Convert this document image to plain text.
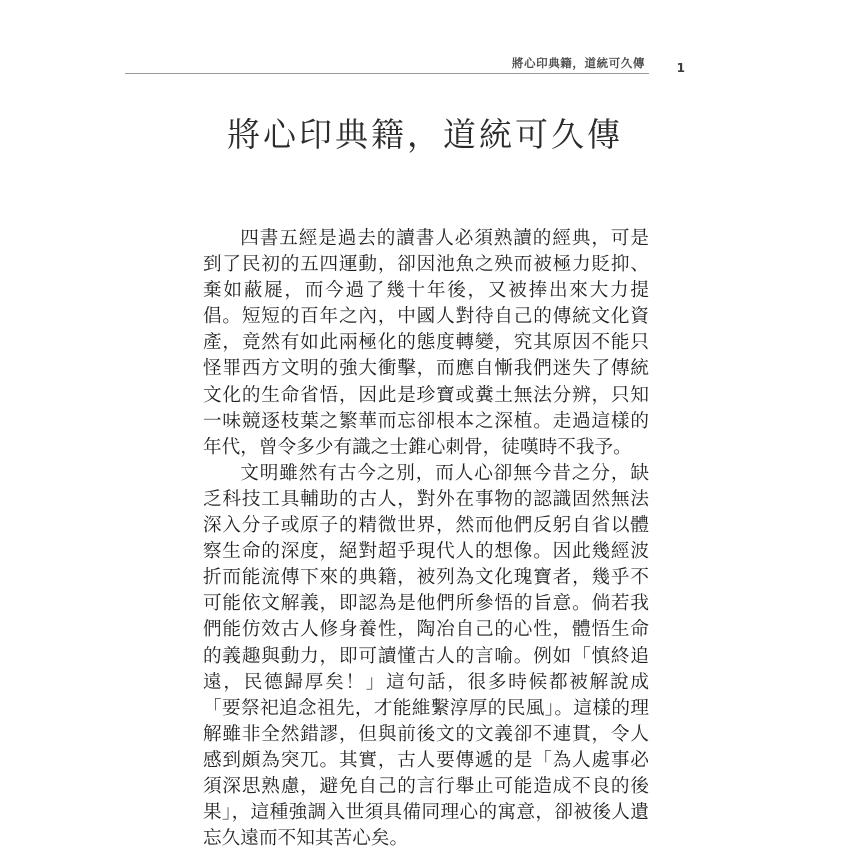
將心印典籍，道統可久傳	1
將心印典籍，道統可久傳

四書五經是過去的讀書人必須熟讀的經典，可是到了民初的五四運動，卻因池魚之殃而被極力貶抑、棄如蔽屣，而今過了幾十年後，又被捧出來大力提倡。短短的百年之內，中國人對待自己的傳統文化資產，竟然有如此兩極化的態度轉變，究其原因不能只怪罪西方文明的強大衝擊，而應自慚我們迷失了傳統文化的生命省悟，因此是珍寶或糞土無法分辨，只知一味競逐枝葉之繁華而忘卻根本之深植。走過這樣的年代，曾令多少有識之士錐心刺骨，徒嘆時不我予。

文明雖然有古今之別，而人心卻無今昔之分，缺乏科技工具輔助的古人，對外在事物的認識固然無法深入分子或原子的精微世界，然而他們反躬自省以體察生命的深度，絕對超乎現代人的想像。因此幾經波折而能流傳下來的典籍，被列為文化瑰寶者，幾乎不可能依文解義，即認為是他們所參悟的旨意。倘若我們能仿效古人修身養性，陶冶自己的心性，體悟生命的義趣與動力，即可讀懂古人的言喻。例如「慎終追遠，民德歸厚矣！」這句話，很多時候都被解說成「要祭祀追念祖先，才能維繫淳厚的民風」。這樣的理解雖非全然錯謬，但與前後文的文義卻不連貫，令人感到頗為突兀。其實，古人要傳遞的是「為人處事必須深思熟慮，避免自己的言行舉止可能造成不良的後果」，這種強調入世須具備同理心的寓意，卻被後人遺忘久遠而不知其苦心矣。
